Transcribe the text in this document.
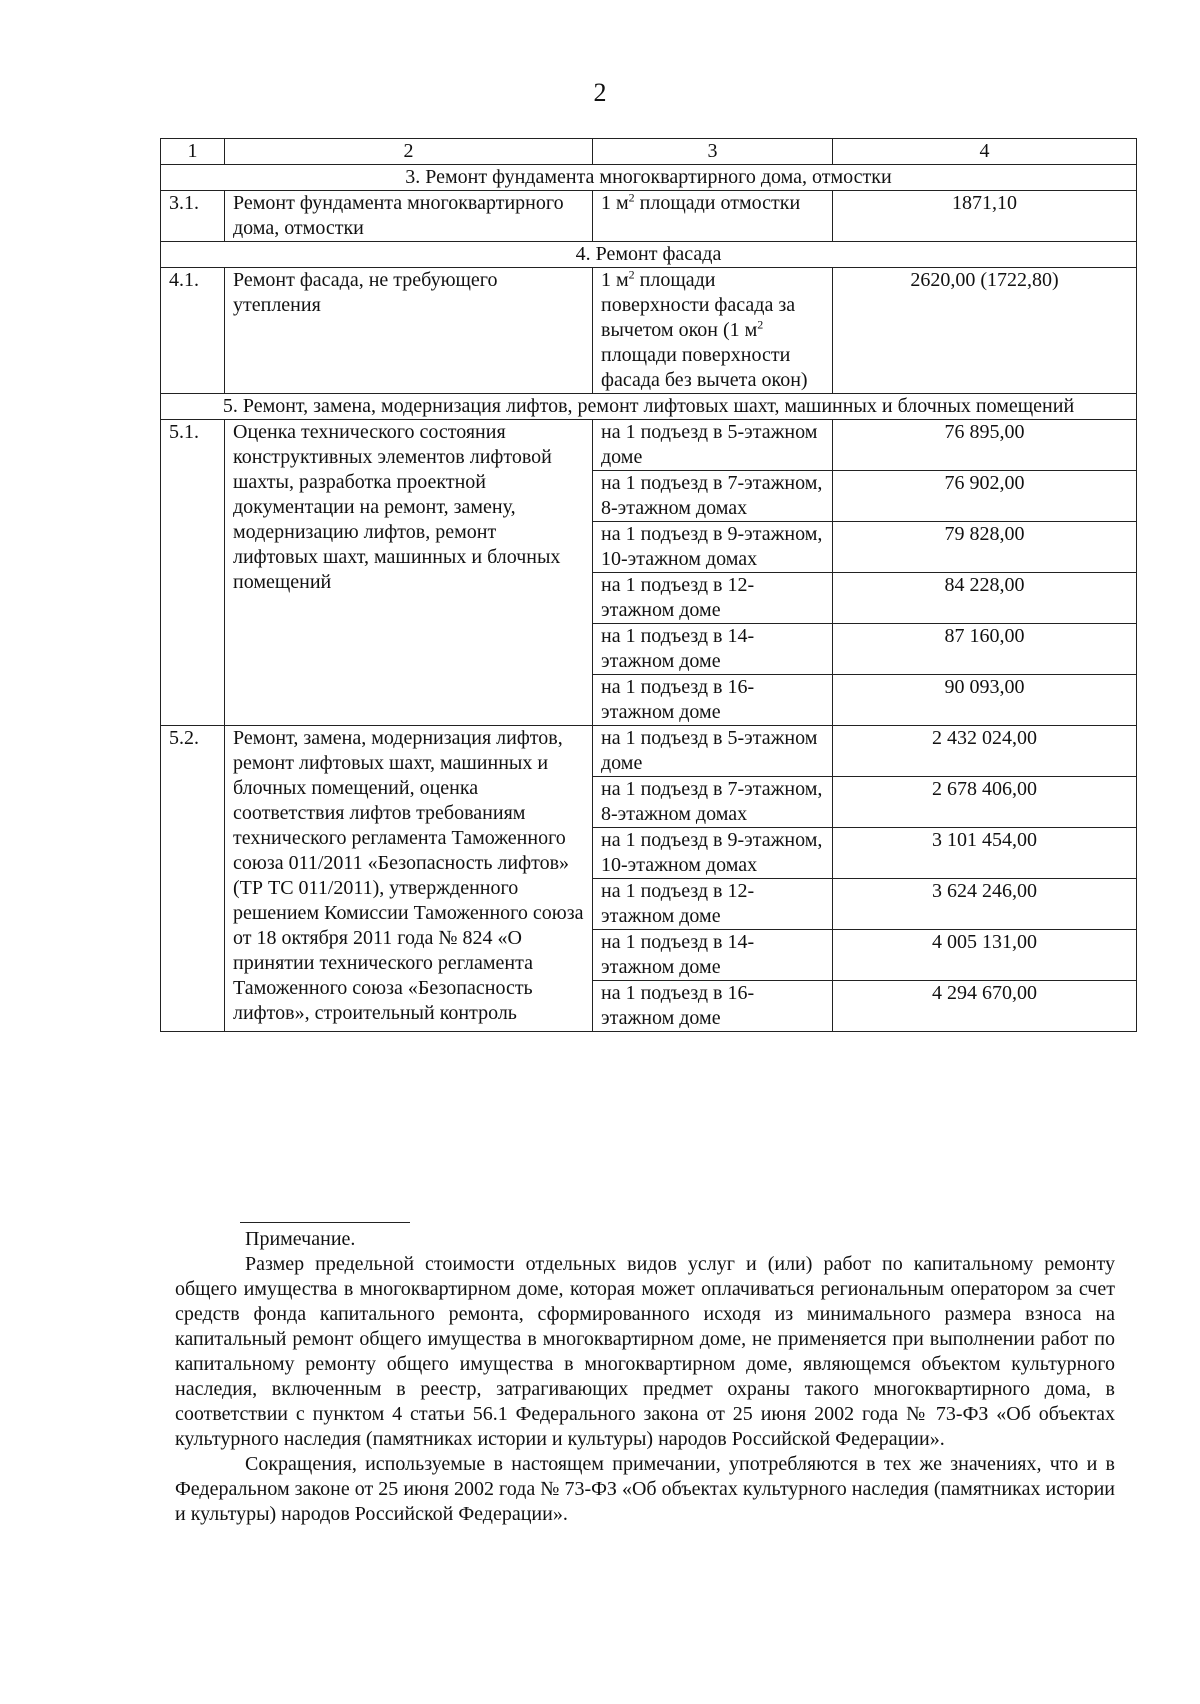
2
1	2	3	4
3. Ремонт фундамента многоквартирного дома, отмостки			
3.1.	Ремонт фундамента многоквартирного дома, отмостки	1 $м^2$ площади отмостки	1871,10
4. Ремонт фасада			
4.1.	Ремонт фасада, не требующего утепления	1 $м^2$ площади поверхности фасада за вычетом окон (1 $м^2$ площади поверхности фасада без вычета окон)	2620,00 (1722,80)
5. Ремонт, замена, модернизация лифтов, ремонт лифтовых шахт, машинных и блочных помещений			
5.1.	Оценка технического состояния конструктивных элементов лифтовой шахты, разработка проектной документации на ремонт, замену, модернизацию лифтов, ремонт лифтовых шахт, машинных и блочных помещений	на 1 подъезд в 5-этажном доме	76 895,00
		на 1 подъезд в 7-этажном, 8-этажном домах	76 902,00
		на 1 подъезд в 9-этажном, 10-этажном домах	79 828,00
		на 1 подъезд в 12-этажном доме	84 228,00
		на 1 подъезд в 14-этажном доме	87 160,00
		на 1 подъезд в 16-этажном доме	90 093,00
5.2.	Ремонт, замена, модернизация лифтов, ремонт лифтовых шахт, машинных и блочных помещений, оценка соответствия лифтов требованиям технического регламента Таможенного союза 011/2011 «Безопасность лифтов» (ТР ТС 011/2011), утвержденного решением Комиссии Таможенного союза от 18 октября 2011 года № 824 «О принятии технического регламента Таможенного союза «Безопасность лифтов», строительный контроль	на 1 подъезд в 5-этажном доме	2 432 024,00
		на 1 подъезд в 7-этажном, 8-этажном домах	2 678 406,00
		на 1 подъезд в 9-этажном, 10-этажном домах	3 101 454,00
		на 1 подъезд в 12-этажном доме	3 624 246,00
		на 1 подъезд в 14-этажном доме	4 005 131,00
		на 1 подъезд в 16-этажном доме	4 294 670,00

Примечание.

Размер предельной стоимости отдельных видов услуг и (или) работ по капитальному ремонту общего имущества в многоквартирном доме, которая может оплачиваться региональным оператором за счет средств фонда капитального ремонта, сформированного исходя из минимального размера взноса на капитальный ремонт общего имущества в многоквартирном доме, не применяется при выполнении работ по капитальному ремонту общего имущества в многоквартирном доме, являющемся объектом культурного наследия, включенным в реестр, затрагивающих предмет охраны такого многоквартирного дома, в соответствии с пунктом 4 статьи 56.1 Федерального закона от 25 июня 2002 года № 73-ФЗ «Об объектах культурного наследия (памятниках истории и культуры) народов Российской Федерации».

Сокращения, используемые в настоящем примечании, употребляются в тех же значениях, что и в Федеральном законе от 25 июня 2002 года № 73-ФЗ «Об объектах культурного наследия (памятниках истории и культуры) народов Российской Федерации».
